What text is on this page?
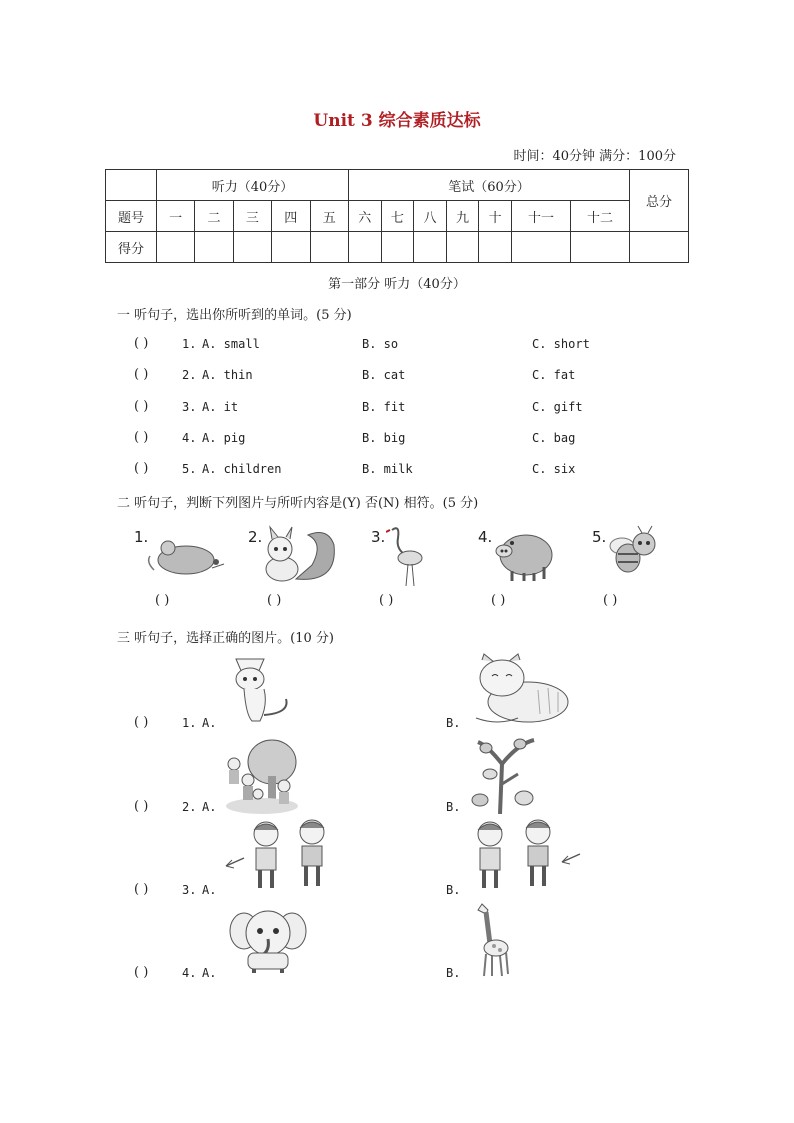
Unit 3 综合素质达标
时间：40分钟 满分：100分
	听力（40分）					笔试（60分）							总分
题号	一	二	三	四	五	六	七	八	九	十	十一	十二	
得分													
第一部分 听力（40分）
一 听句子，选出你所听到的单词。(5 分)
( )	1. A. small	B. so	C. short
( )	2. A. thin	B. cat	C. fat
( )	3. A. it	B. fit	C. gift
( )	4. A. pig	B. big	C. bag
( )	5. A. children	B. milk	C. six
二 听句子，判断下列图片与所听内容是(Y) 否(N) 相符。(5 分)
1.	2.	3.	4.	5.
( )	( )	( )	( )	( )
三 听句子，选择正确的图片。(10 分)
( )	1. A.	B.
( )	2. A.	B.
( )	3. A.	B.
( )	4. A.	B.
